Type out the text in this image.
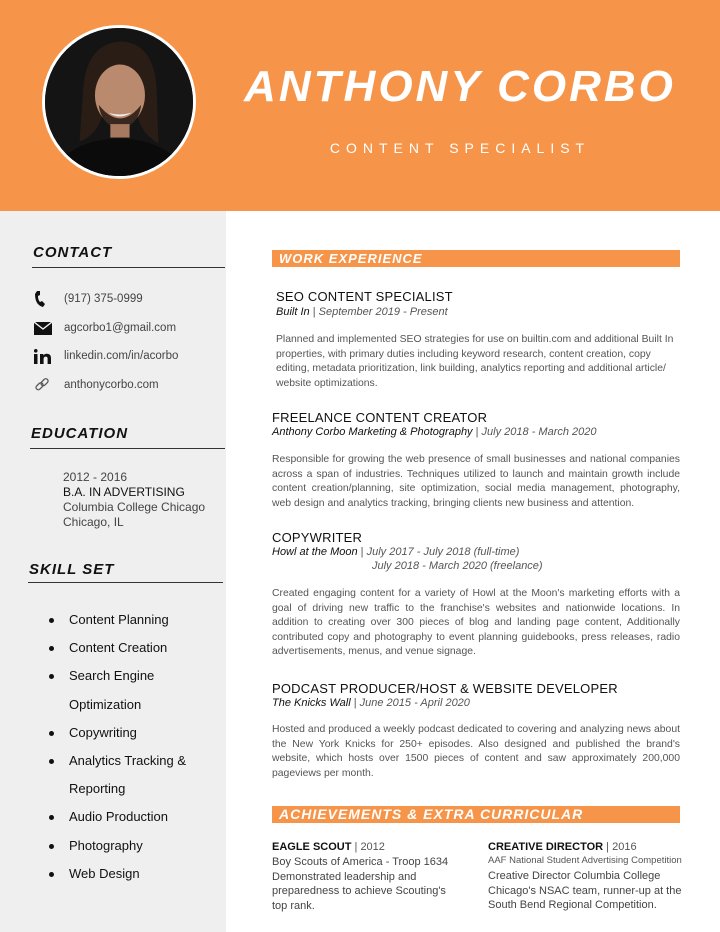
ANTHONY CORBO
CONTENT SPECIALIST
CONTACT
(917) 375-0999
agcorbo1@gmail.com
linkedin.com/in/acorbo
anthonycorbo.com
EDUCATION
2012 - 2016
B.A. IN ADVERTISING
Columbia College Chicago
Chicago, IL
SKILL SET
Content Planning
Content Creation
Search Engine Optimization
Copywriting
Analytics Tracking & Reporting
Audio Production
Photography
Web Design
WORK EXPERIENCE
SEO CONTENT SPECIALIST
Built In | September 2019 - Present
Planned and implemented SEO strategies for use on builtin.com and additional Built In properties, with primary duties including keyword research, content creation, copy editing, metadata prioritization, link building, analytics reporting and additional article/ website optimizations.
FREELANCE CONTENT CREATOR
Anthony Corbo Marketing & Photography | July 2018 - March 2020
Responsible for growing the web presence of small businesses and national companies across a span of industries. Techniques utilized to launch and maintain growth include content creation/planning, site optimization, social media management, photography, web design and analytics tracking, bringing clients new business and attention.
COPYWRITER
Howl at the Moon | July 2017 - July 2018 (full-time)
July 2018 - March 2020 (freelance)
Created engaging content for a variety of Howl at the Moon's marketing efforts with a goal of driving new traffic to the franchise's websites and nationwide locations. In addition to creating over 300 pieces of blog and landing page content, Additionally contributed copy and photography to event planning guidebooks, press releases, radio advertisements, menus, and venue signage.
PODCAST PRODUCER/HOST & WEBSITE DEVELOPER
The Knicks Wall | June 2015 - April 2020
Hosted and produced a weekly podcast dedicated to covering and analyzing news about the New York Knicks for 250+ episodes. Also designed and published the brand's website, which hosts over 1500 pieces of content and saw approximately 200,000 pageviews per month.
ACHIEVEMENTS & EXTRA CURRICULAR
EAGLE SCOUT | 2012
Boy Scouts of America - Troop 1634 Demonstrated leadership and preparedness to achieve Scouting's top rank.
CREATIVE DIRECTOR | 2016
AAF National Student Advertising Competition
Creative Director Columbia College Chicago's NSAC team, runner-up at the South Bend Regional Competition.
